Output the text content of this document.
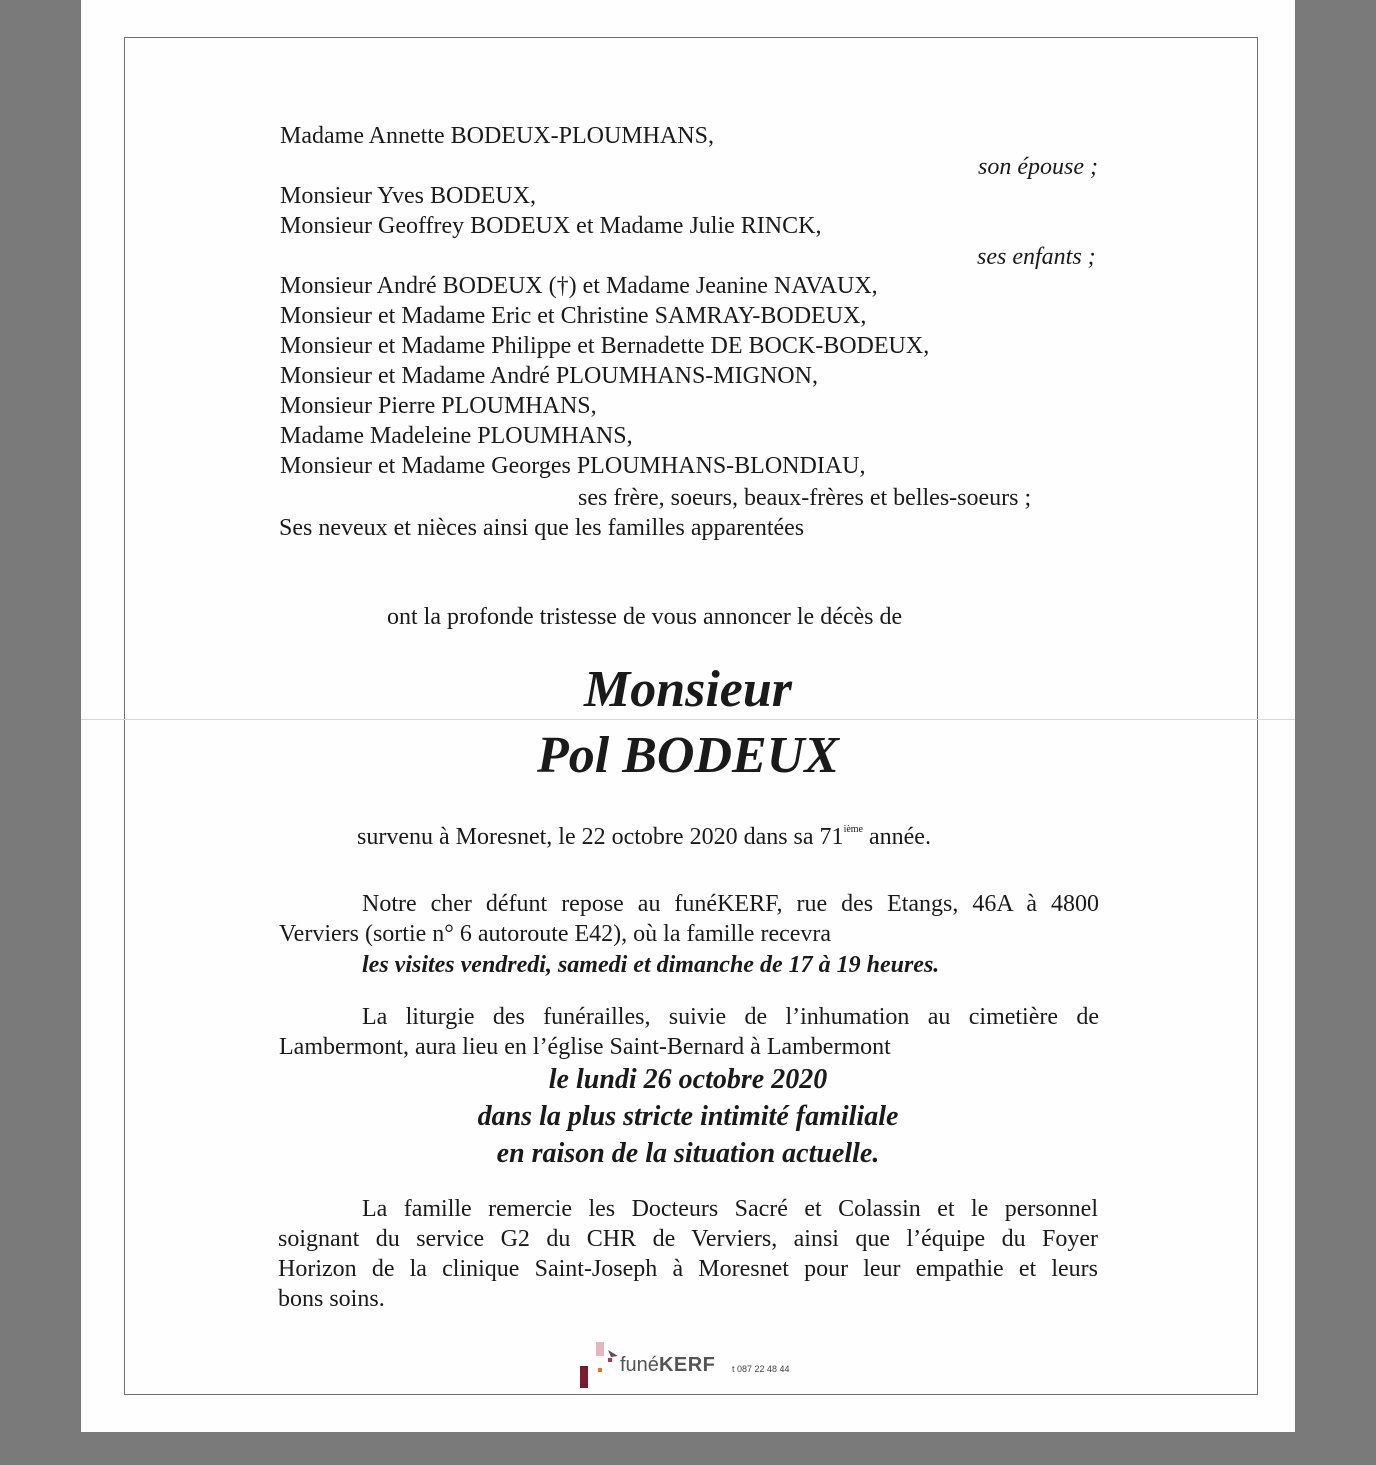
Madame Annette BODEUX-PLOUMHANS,
son épouse ;
Monsieur Yves BODEUX,
Monsieur Geoffrey BODEUX et Madame Julie RINCK,
ses enfants ;
Monsieur André BODEUX (†) et Madame Jeanine NAVAUX,
Monsieur et Madame Eric et Christine SAMRAY-BODEUX,
Monsieur et Madame Philippe et Bernadette DE BOCK-BODEUX,
Monsieur et Madame André PLOUMHANS-MIGNON,
Monsieur Pierre PLOUMHANS,
Madame Madeleine PLOUMHANS,
Monsieur et Madame Georges PLOUMHANS-BLONDIAU,
ses frère, soeurs, beaux-frères et belles-soeurs ;
Ses neveux et nièces ainsi que les familles apparentées
ont la profonde tristesse de vous annoncer le décès de
Monsieur
Pol BODEUX
survenu à Moresnet, le 22 octobre 2020 dans sa 71ième année.
Notre cher défunt repose au funéKERF, rue des Etangs, 46A à 4800
Verviers (sortie n° 6 autoroute E42), où la famille recevra
les visites vendredi, samedi et dimanche de 17 à 19 heures.
La liturgie des funérailles, suivie de l’inhumation au cimetière de
Lambermont, aura lieu en l’église Saint-Bernard à Lambermont
le lundi 26 octobre 2020
dans la plus stricte intimité familiale
en raison de la situation actuelle.
La famille remercie les Docteurs Sacré et Colassin et le personnel
soignant du service G2 du CHR de Verviers, ainsi que l’équipe du Foyer
Horizon de la clinique Saint-Joseph à Moresnet pour leur empathie et leurs
bons soins.
funéKERF t 087 22 48 44
